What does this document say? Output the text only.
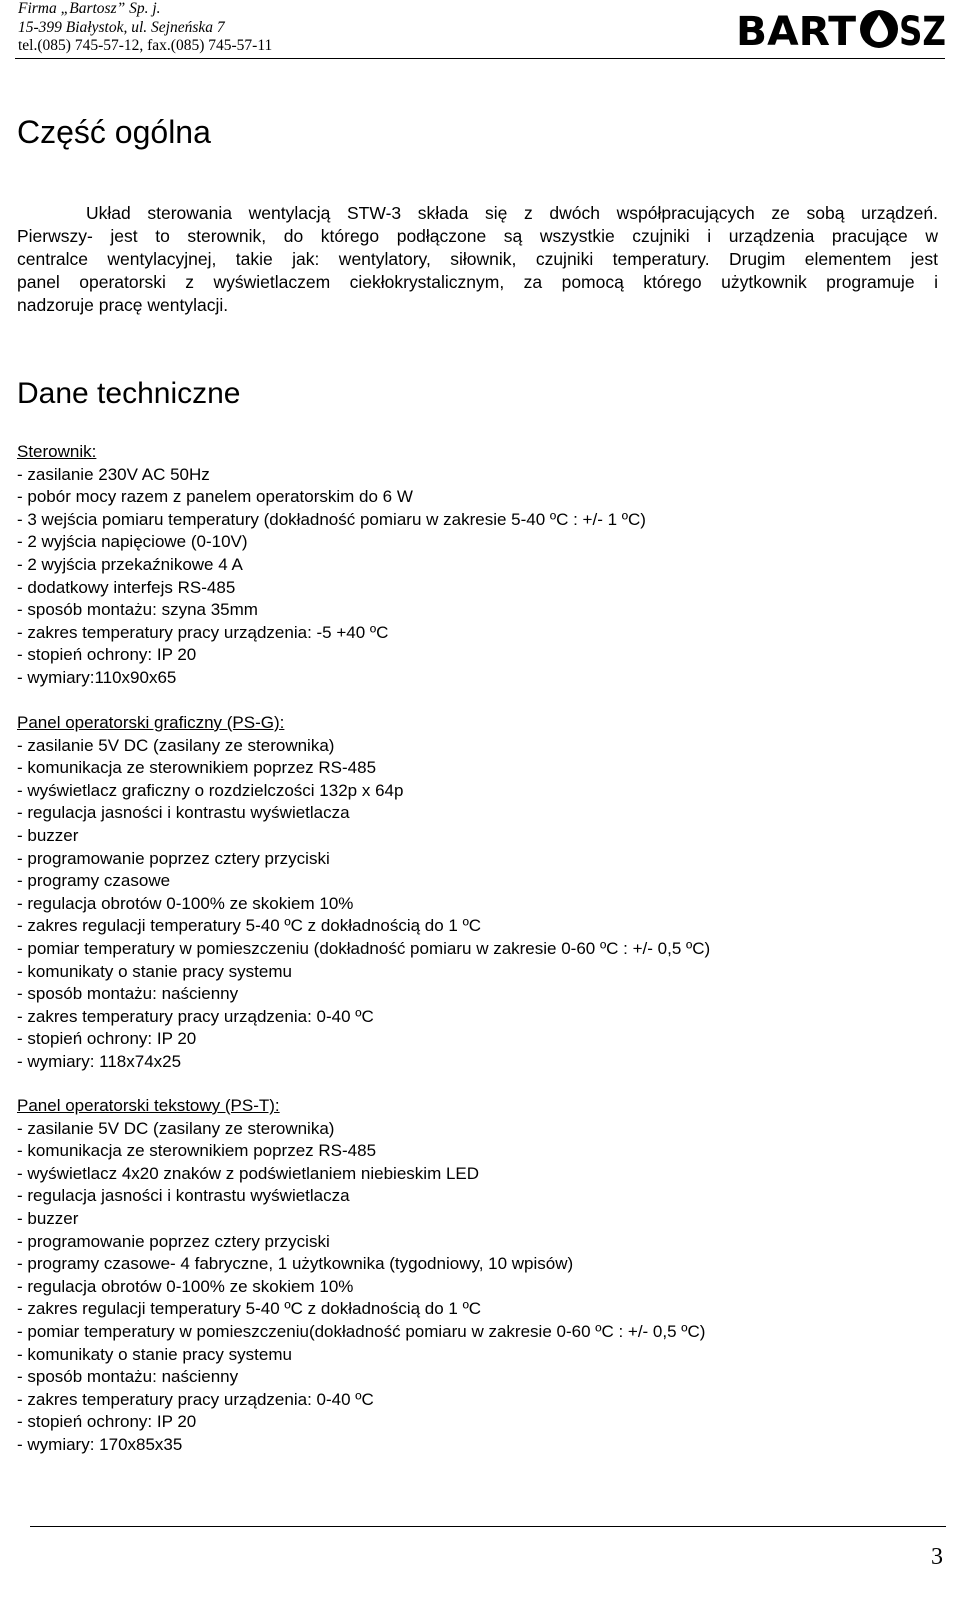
Firma „Bartosz” Sp. j.
15-399 Białystok, ul. Sejneńska 7
tel.(085) 745-57-12, fax.(085) 745-57-11	BART SZ
Część ogólna
Układ sterowania wentylacją STW-3 składa się z dwóch współpracujących ze sobą urządzeń.
Pierwszy- jest to sterownik, do którego podłączone są wszystkie czujniki i urządzenia pracujące w
centralce wentylacyjnej, takie jak: wentylatory, siłownik, czujniki temperatury. Drugim elementem jest
panel operatorski z wyświetlaczem ciekłokrystalicznym, za pomocą którego użytkownik programuje i
nadzoruje pracę wentylacji.
Dane techniczne
Sterownik:
- zasilanie 230V AC 50Hz
- pobór mocy razem z panelem operatorskim do 6 W
- 3 wejścia pomiaru temperatury (dokładność pomiaru w zakresie 5-40 ºC : +/- 1 ºC)
- 2 wyjścia napięciowe (0-10V)
- 2 wyjścia przekaźnikowe 4 A
- dodatkowy interfejs RS-485
- sposób montażu: szyna 35mm
- zakres temperatury pracy urządzenia: -5 +40 ºC
- stopień ochrony: IP 20
- wymiary:110x90x65
Panel operatorski graficzny (PS-G):
- zasilanie 5V DC (zasilany ze sterownika)
- komunikacja ze sterownikiem poprzez RS-485
- wyświetlacz graficzny o rozdzielczości 132p x 64p
- regulacja jasności i kontrastu wyświetlacza
- buzzer
- programowanie poprzez cztery przyciski
- programy czasowe
- regulacja obrotów 0-100% ze skokiem 10%
- zakres regulacji temperatury 5-40 ºC z dokładnością do 1 ºC
- pomiar temperatury w pomieszczeniu (dokładność pomiaru w zakresie 0-60 ºC : +/- 0,5 ºC)
- komunikaty o stanie pracy systemu
- sposób montażu: naścienny
- zakres temperatury pracy urządzenia: 0-40 ºC
- stopień ochrony: IP 20
- wymiary: 118x74x25
Panel operatorski tekstowy (PS-T):
- zasilanie 5V DC (zasilany ze sterownika)
- komunikacja ze sterownikiem poprzez RS-485
- wyświetlacz 4x20 znaków z podświetlaniem niebieskim LED
- regulacja jasności i kontrastu wyświetlacza
- buzzer
- programowanie poprzez cztery przyciski
- programy czasowe- 4 fabryczne, 1 użytkownika (tygodniowy, 10 wpisów)
- regulacja obrotów 0-100% ze skokiem 10%
- zakres regulacji temperatury 5-40 ºC z dokładnością do 1 ºC
- pomiar temperatury w pomieszczeniu(dokładność pomiaru w zakresie 0-60 ºC : +/- 0,5 ºC)
- komunikaty o stanie pracy systemu
- sposób montażu: naścienny
- zakres temperatury pracy urządzenia: 0-40 ºC
- stopień ochrony: IP 20
- wymiary: 170x85x35
3
